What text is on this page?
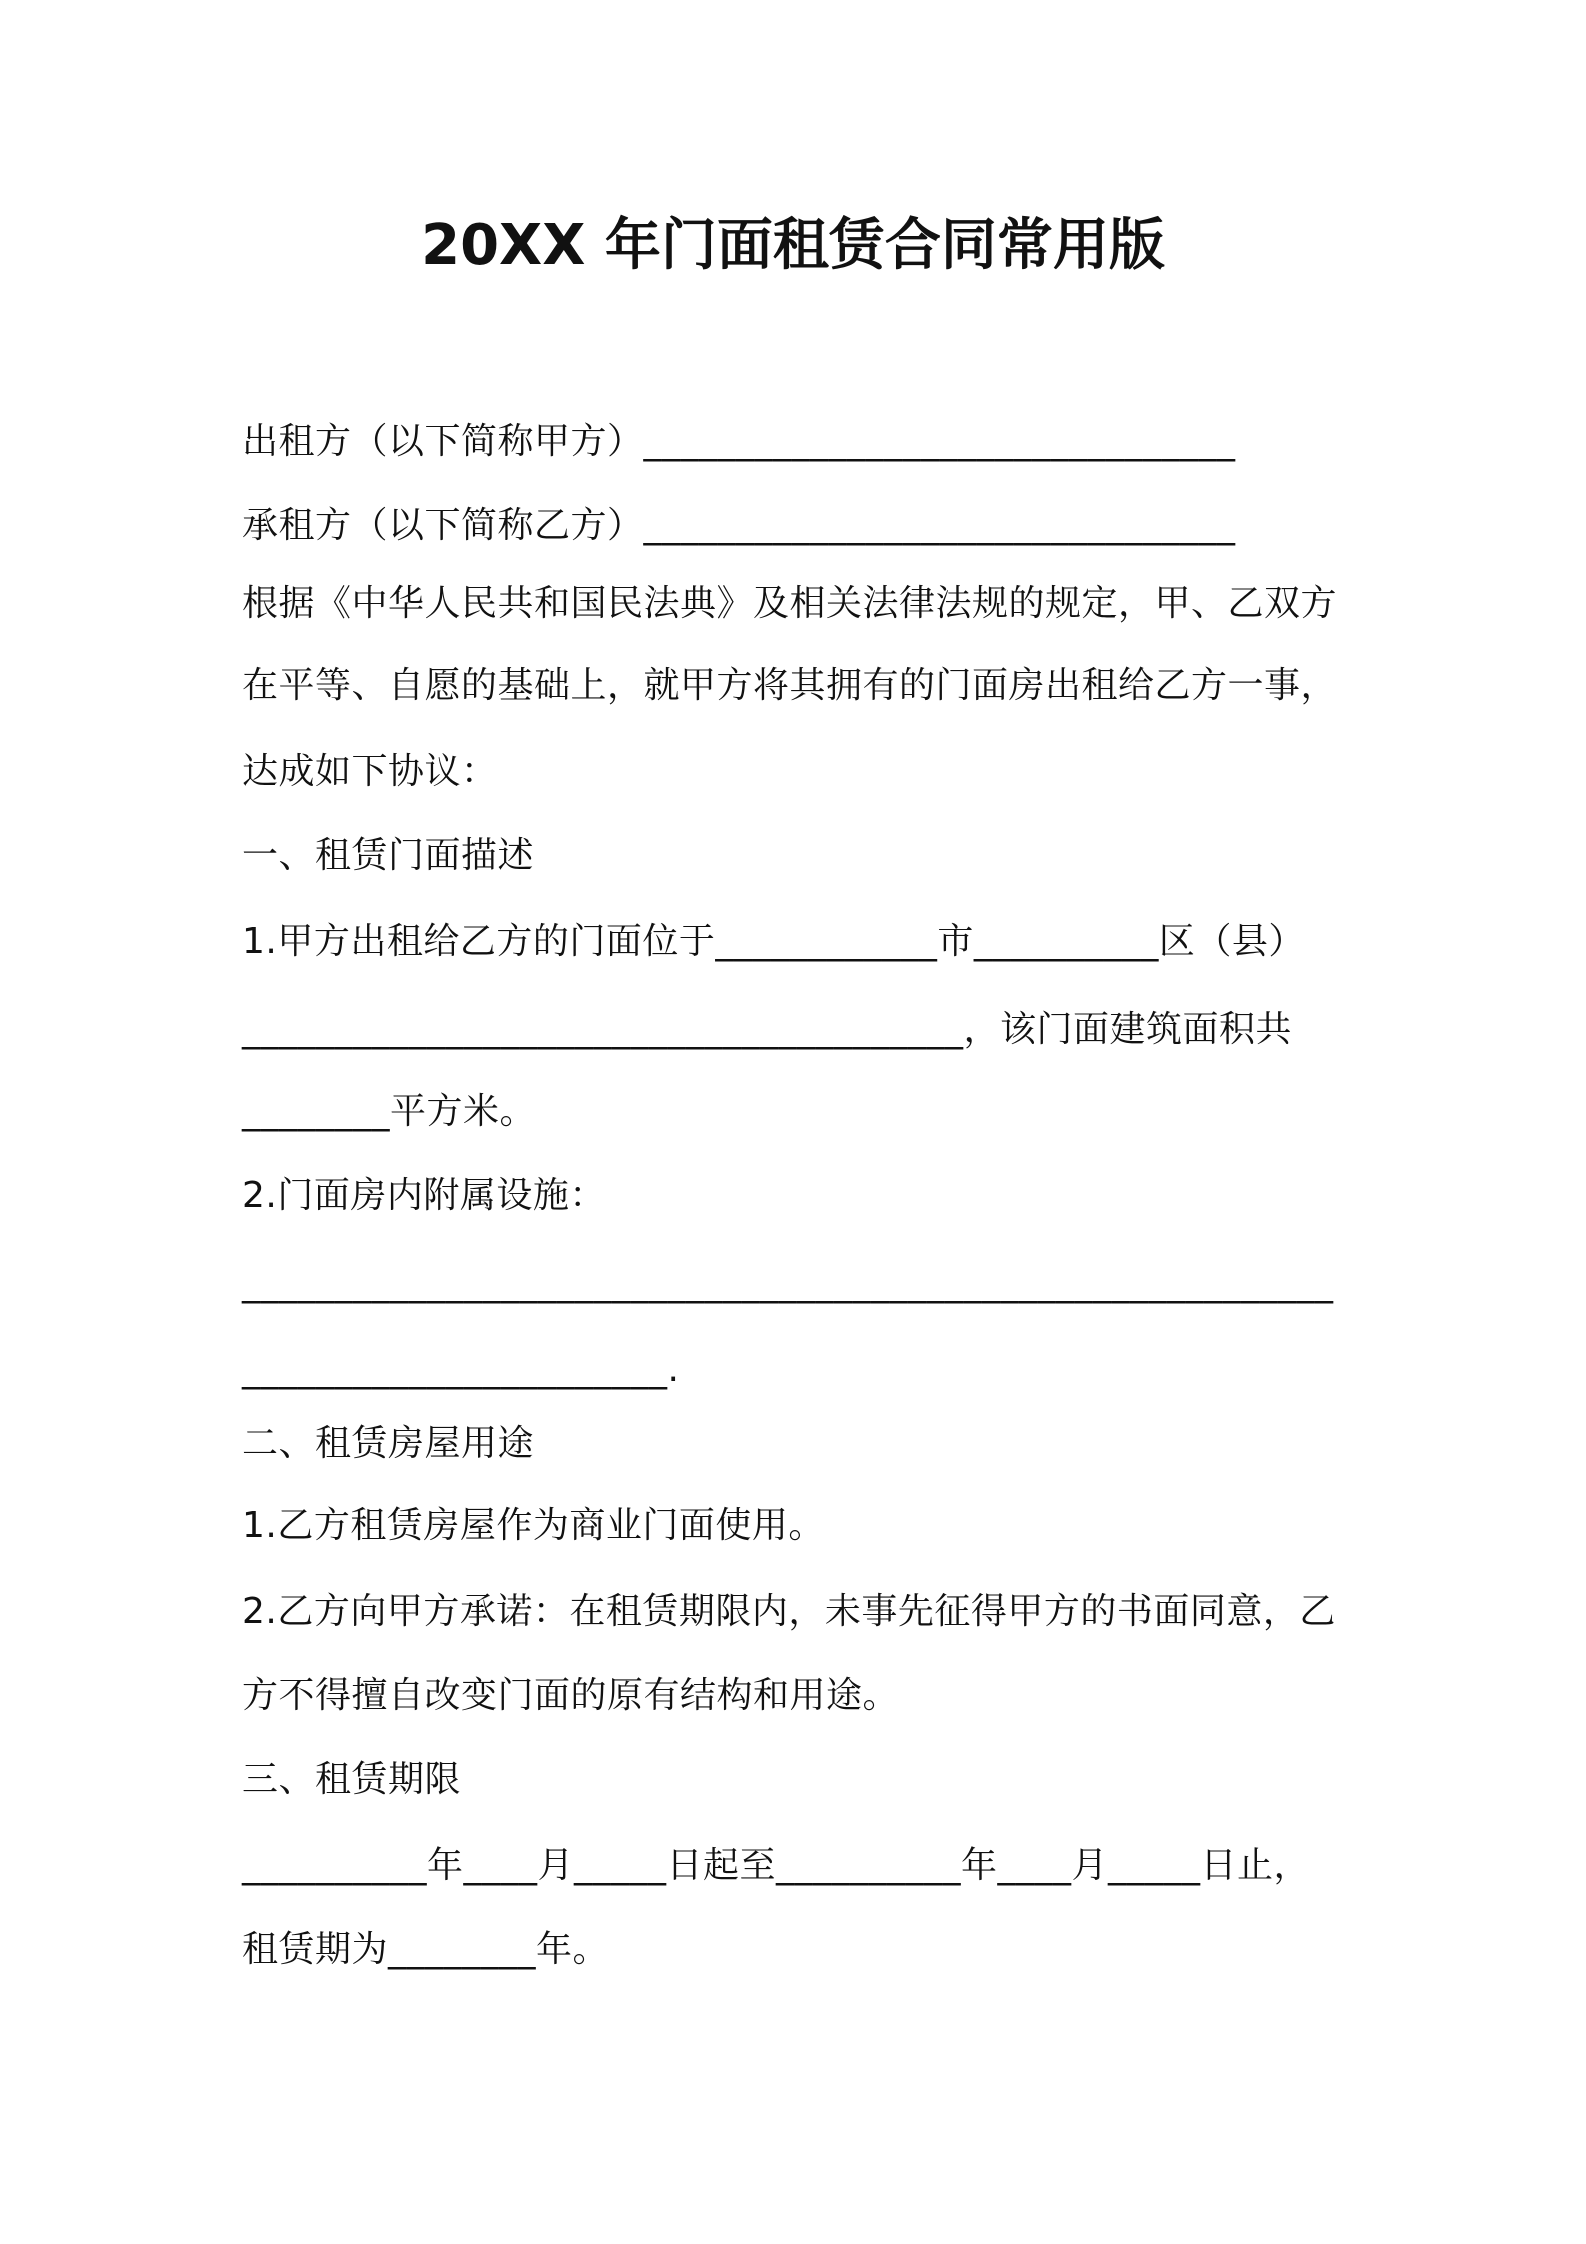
20XX 年门面租赁合同常用版
出租方（以下简称甲方）________________________________
承租方（以下简称乙方）________________________________
根据《中华人民共和国民法典》及相关法律法规的规定，甲、乙双方
在平等、自愿的基础上，就甲方将其拥有的门面房出租给乙方一事，
达成如下协议：
一、租赁门面描述
1.甲方出租给乙方的门面位于____________市__________区（县）
_______________________________________，该门面建筑面积共
________平方米。
2.门面房内附属设施：
___________________________________________________________
_______________________.
二、租赁房屋用途
1.乙方租赁房屋作为商业门面使用。
2.乙方向甲方承诺：在租赁期限内，未事先征得甲方的书面同意，乙
方不得擅自改变门面的原有结构和用途。
三、租赁期限
__________年____月_____日起至__________年____月_____日止，
租赁期为________年。
